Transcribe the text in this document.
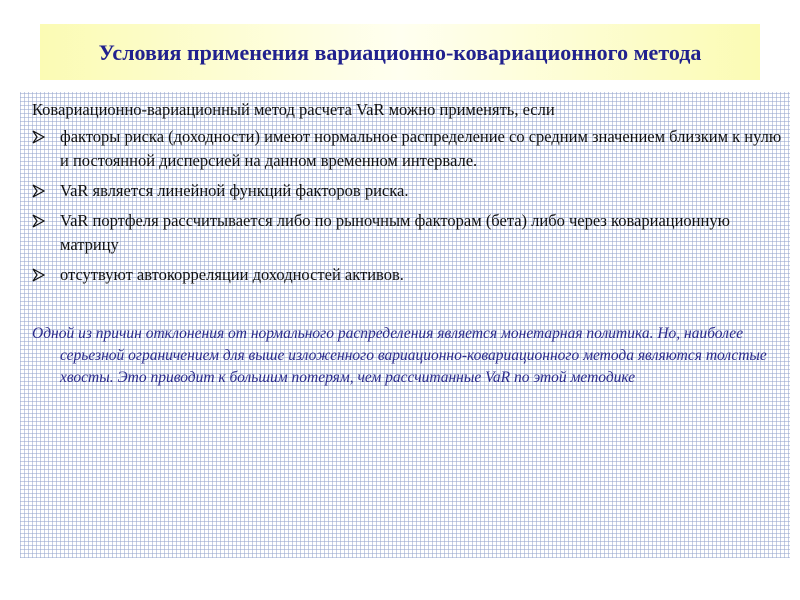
Условия применения вариационно-ковариационного метода
Ковариационно-вариационный метод расчета VaR можно применять, если
факторы риска (доходности) имеют нормальное распределение со средним значением близким к нулю и постоянной дисперсией на данном временном интервале.
VaR является линейной функций факторов риска.
VaR портфеля рассчитывается либо по рыночным факторам (бета) либо через ковариационную матрицу
отсутвуют автокорреляции доходностей активов.
Одной из причин отклонения от нормального распределения является монетарная политика. Но, наиболее серьезной ограничением для выше изложенного вариационно-ковариационного метода являются толстые хвосты. Это приводит к большим потерям, чем рассчитанные VaR по этой методике
